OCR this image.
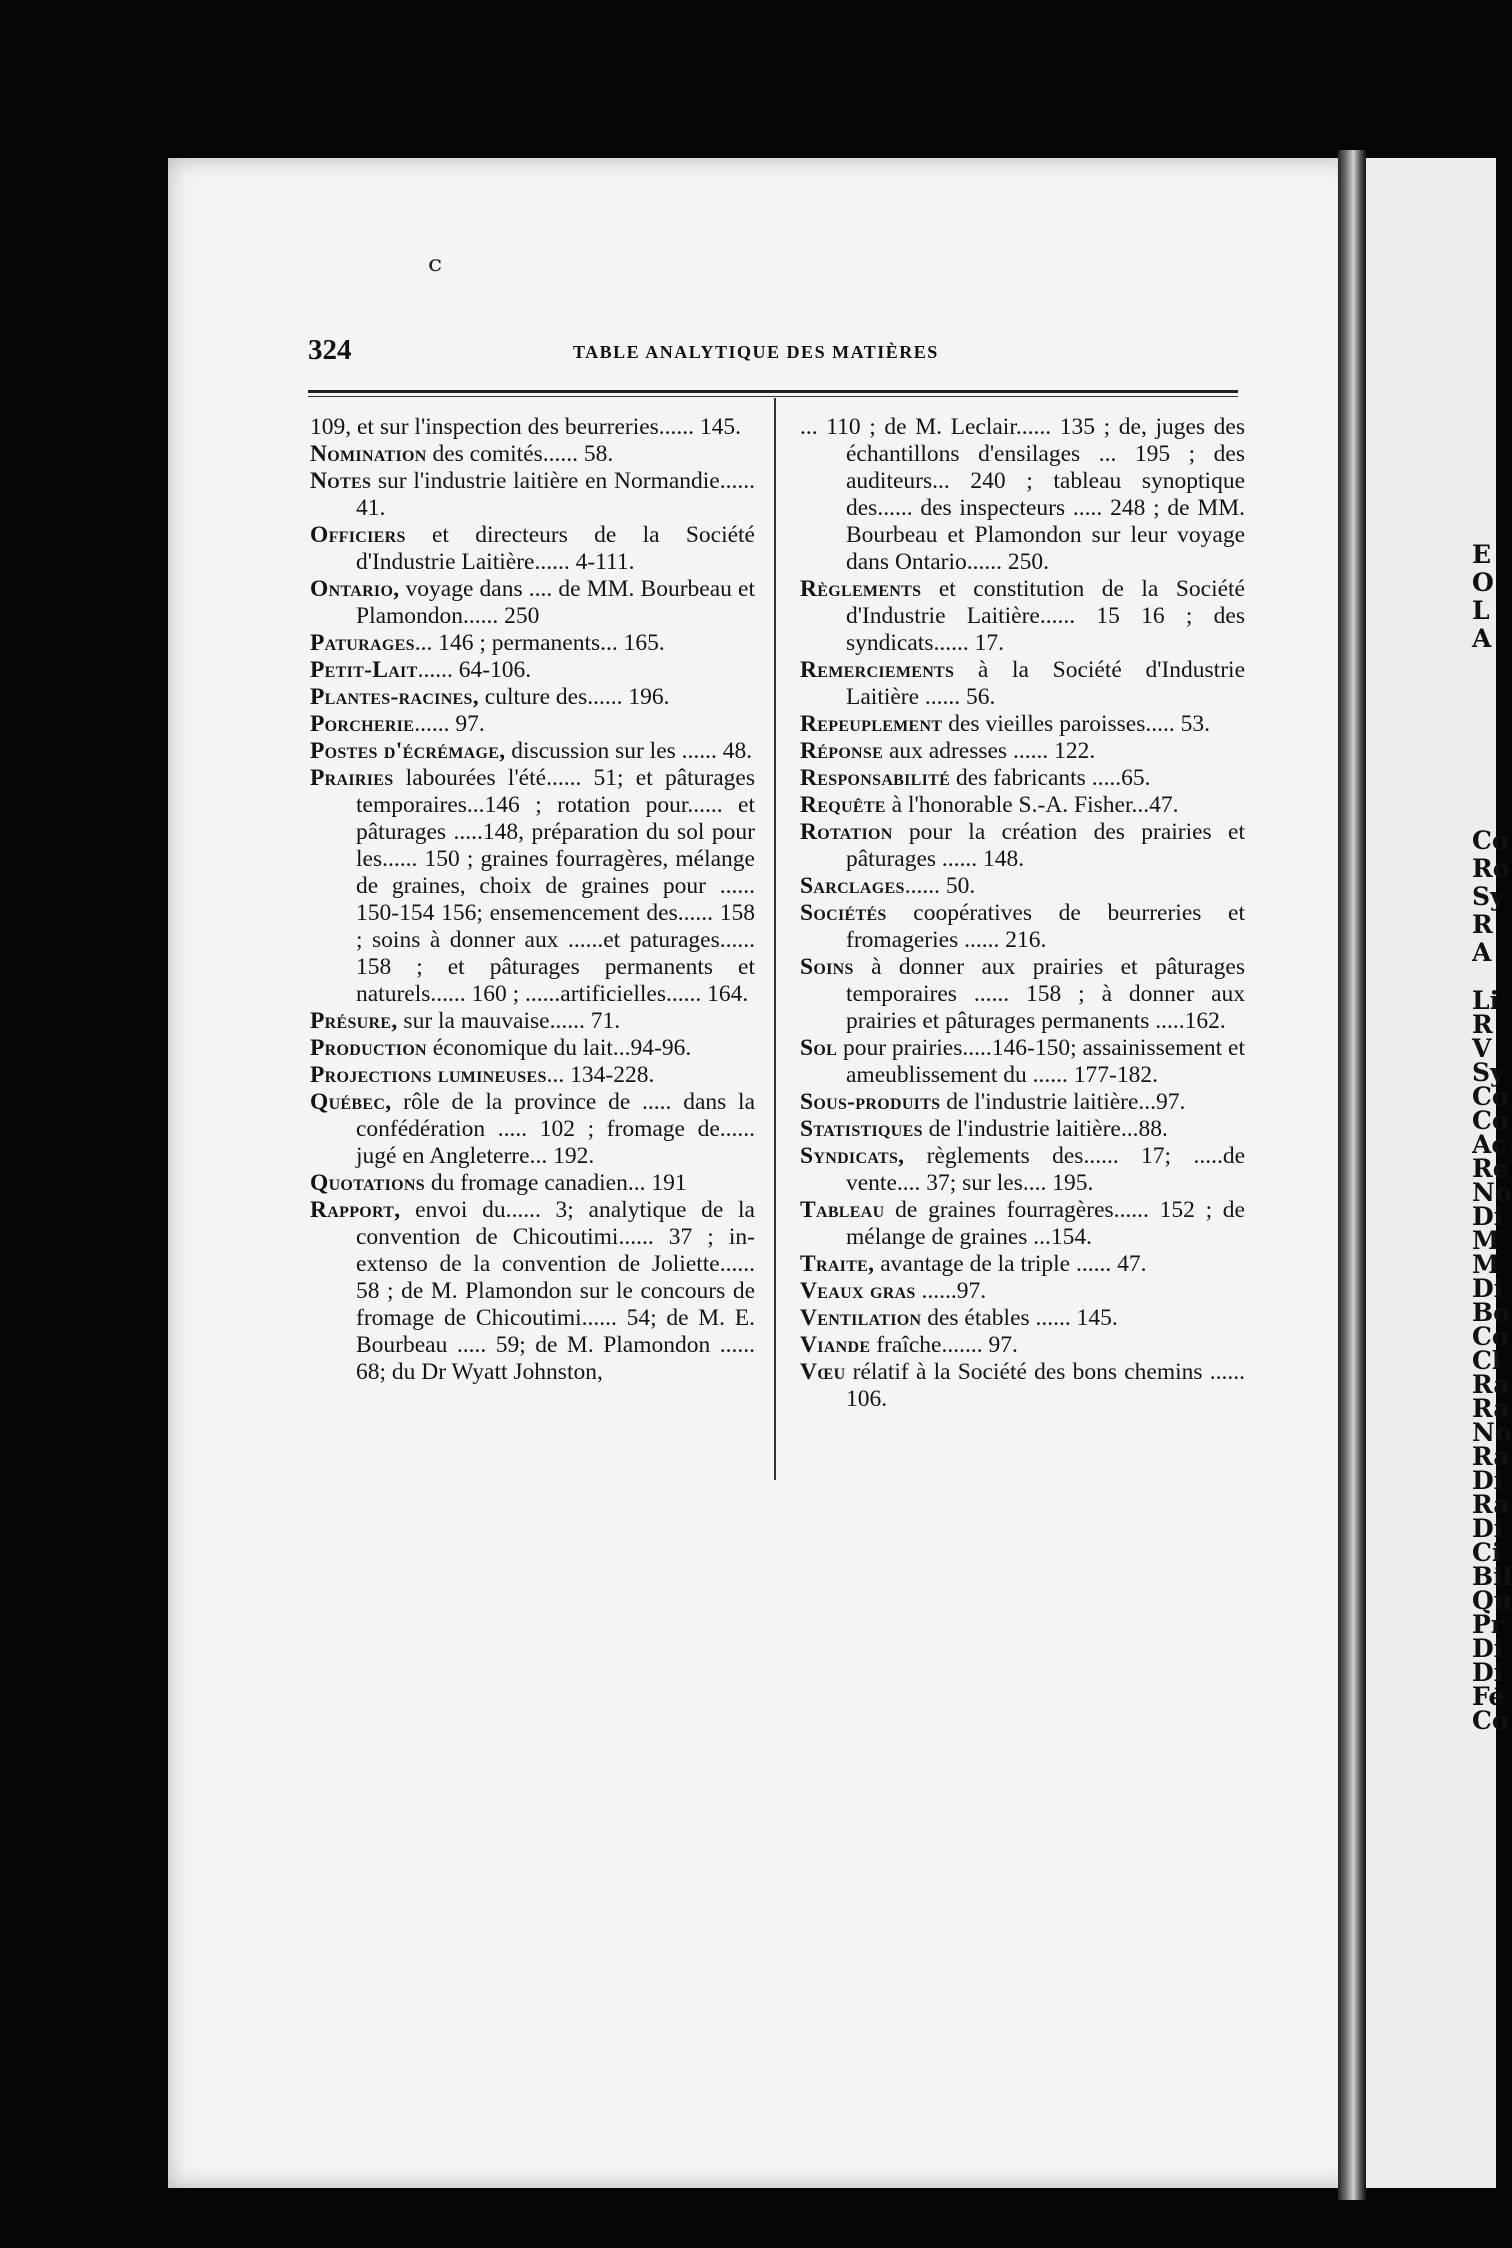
E
O
L
A
Co
Ro
Sy
R
A
Li
R
V
Sy
Co
Co
Ac
Re
No
Di
M
M
Di
Bo
Co
Cl
Ra
Ra
No
Ra
Di
Ra
Di
Ci
Bil
Qu
Pr
Di
Di
Fé
Co
ᶜ
324	TABLE ANALYTIQUE DES MATIÈRES

109, et sur l'inspection des beurreries...... 145.

Nomination des comités...... 58.

Notes sur l'industrie laitière en Normandie...... 41.

Officiers et directeurs de la Société d'Industrie Laitière...... 4-111.

Ontario, voyage dans .... de MM. Bourbeau et Plamondon...... 250

Paturages... 146 ; permanents... 165.

Petit-Lait...... 64-106.

Plantes-racines, culture des...... 196.

Porcherie...... 97.

Postes d'écrémage, discussion sur les ...... 48.

Prairies labourées l'été...... 51; et pâturages temporaires...146 ; rotation pour...... et pâturages .....148, préparation du sol pour les...... 150 ; graines fourragères, mélange de graines, choix de graines pour ...... 150-154 156; ensemencement des...... 158 ; soins à donner aux ......et paturages...... 158 ; et pâturages permanents et naturels...... 160 ; ......artificielles...... 164.

Présure, sur la mauvaise...... 71.

Production économique du lait...94-96.

Projections lumineuses... 134-228.

Québec, rôle de la province de ..... dans la confédération ..... 102 ; fromage de...... jugé en Angleterre... 192.

Quotations du fromage canadien... 191

Rapport, envoi du...... 3; analytique de la convention de Chicoutimi...... 37 ; in-extenso de la convention de Joliette...... 58 ; de M. Plamondon sur le concours de fromage de Chicoutimi...... 54; de M. E. Bourbeau ..... 59; de M. Plamondon ...... 68; du Dr Wyatt Johnston,

... 110 ; de M. Leclair...... 135 ; de, juges des échantillons d'ensilages ... 195 ; des auditeurs... 240 ; tableau synoptique des...... des inspecteurs ..... 248 ; de MM. Bourbeau et Plamondon sur leur voyage dans Ontario...... 250.

Règlements et constitution de la Société d'Industrie Laitière...... 15 16 ; des syndicats...... 17.

Remerciements à la Société d'Industrie Laitière ...... 56.

Repeuplement des vieilles paroisses..... 53.

Réponse aux adresses ...... 122.

Responsabilité des fabricants .....65.

Requête à l'honorable S.-A. Fisher...47.

Rotation pour la création des prairies et pâturages ...... 148.

Sarclages...... 50.

Sociétés coopératives de beurreries et fromageries ...... 216.

Soins à donner aux prairies et pâturages temporaires ...... 158 ; à donner aux prairies et pâturages permanents .....162.

Sol pour prairies.....146-150; assainissement et ameublissement du ...... 177-182.

Sous-produits de l'industrie laitière...97.

Statistiques de l'industrie laitière...88.

Syndicats, règlements des...... 17; .....de vente.... 37; sur les.... 195.

Tableau de graines fourragères...... 152 ; de mélange de graines ...154.

Traite, avantage de la triple ...... 47.

Veaux gras ......97.

Ventilation des étables ...... 145.

Viande fraîche....... 97.

Vœu rélatif à la Société des bons chemins ...... 106.
